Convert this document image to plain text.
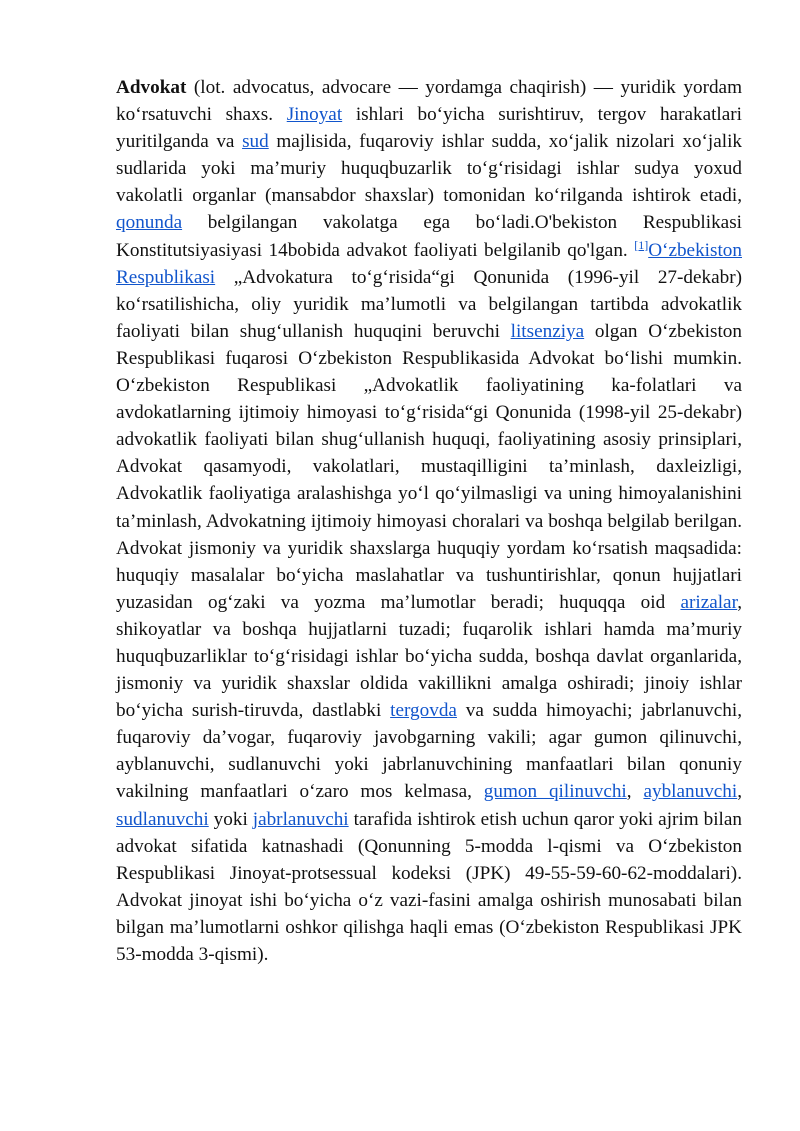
Advokat (lot. advocatus, advocare — yordamga chaqirish) — yuridik yordam koʻrsatuvchi shaxs. Jinoyat ishlari boʻyicha surishtiruv, tergov harakatlari yuritilganda va sud majlisida, fuqaroviy ishlar sudda, xoʻjalik nizolari xoʻjalik sudlarida yoki maʼmuriy huquqbuzarlik toʻgʻrisidagi ishlar sudya yoxud vakolatli organlar (mansabdor shaxslar) tomonidan koʻrilganda ishtirok etadi, qonunda belgilangan vakolatga ega boʻladi.O'bekiston Respublikasi Konstitutsiyasiyasi 14bobida advakot faoliyati belgilanib qo'lgan. [1]Oʻzbekiston Respublikasi „Advokatura toʻgʻrisida“gi Qonunida (1996-yil 27-dekabr) koʻrsatilishicha, oliy yuridik maʼlumotli va belgilangan tartibda advokatlik faoliyati bilan shugʻullanish huquqini beruvchi litsenziya olgan Oʻzbekiston Respublikasi fuqarosi Oʻzbekiston Respublikasida Advokat boʻlishi mumkin. Oʻzbekiston Respublikasi „Advokatlik faoliyatining ka-folatlari va avdokatlarning ijtimoiy himoyasi toʻgʻrisida“gi Qonunida (1998-yil 25-dekabr) advokatlik faoliyati bilan shugʻullanish huquqi, faoliyatining asosiy prinsiplari, Advokat qasamyodi, vakolatlari, mustaqilligini taʼminlash, daxleizligi, Advokatlik faoliyatiga aralashishga yoʻl qoʻyilmasligi va uning himoyalanishini taʼminlash, Advokatning ijtimoiy himoyasi choralari va boshqa belgilab berilgan. Advokat jismoniy va yuridik shaxslarga huquqiy yordam koʻrsatish maqsadida: huquqiy masalalar boʻyicha maslahatlar va tushuntirishlar, qonun hujjatlari yuzasidan ogʻzaki va yozma maʼlumotlar beradi; huquqqa oid arizalar, shikoyatlar va boshqa hujjatlarni tuzadi; fuqarolik ishlari hamda maʼmuriy huquqbuzarliklar toʻgʻrisidagi ishlar boʻyicha sudda, boshqa davlat organlarida, jismoniy va yuridik shaxslar oldida vakillikni amalga oshiradi; jinoiy ishlar boʻyicha surish-tiruvda, dastlabki tergovda va sudda himoyachi; jabrlanuvchi, fuqaroviy daʼvogar, fuqaroviy javobgarning vakili; agar gumon qilinuvchi, ayblanuvchi, sudlanuvchi yoki jabrlanuvchining manfaatlari bilan qonuniy vakilning manfaatlari oʻzaro mos kelmasa, gumon qilinuvchi, ayblanuvchi, sudlanuvchi yoki jabrlanuvchi tarafida ishtirok etish uchun qaror yoki ajrim bilan advokat sifatida katnashadi (Qonunning 5-modda l-qismi va Oʻzbekiston Respublikasi Jinoyat-protsessual kodeksi (JPK) 49-55-59-60-62-moddalari). Advokat jinoyat ishi boʻyicha oʻz vazi-fasini amalga oshirish munosabati bilan bilgan maʼlumotlarni oshkor qilishga haqli emas (Oʻzbekiston Respublikasi JPK 53-modda 3-qismi).
